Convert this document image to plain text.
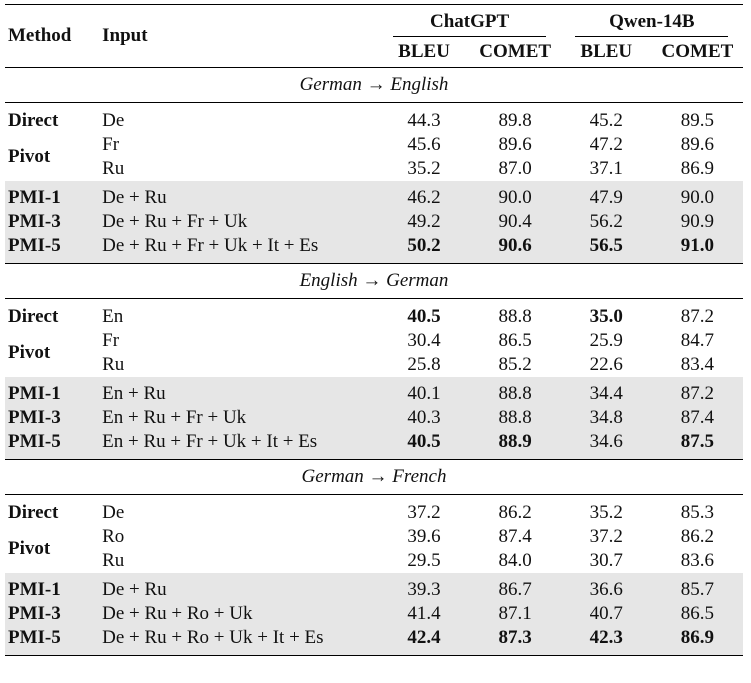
Method	Input	ChatGPT		Qwen-14B	
		BLEU	COMET	BLEU	COMET
German → English					
Direct	De	44.3	89.8	45.2	89.5
Pivot	Fr	45.6	89.6	47.2	89.6
	Ru	35.2	87.0	37.1	86.9
PMI-1	De + Ru	46.2	90.0	47.9	90.0
PMI-3	De + Ru + Fr + Uk	49.2	90.4	56.2	90.9
PMI-5	De + Ru + Fr + Uk + It + Es	50.2	90.6	56.5	91.0
English → German					
Direct	En	40.5	88.8	35.0	87.2
Pivot	Fr	30.4	86.5	25.9	84.7
	Ru	25.8	85.2	22.6	83.4
PMI-1	En + Ru	40.1	88.8	34.4	87.2
PMI-3	En + Ru + Fr + Uk	40.3	88.8	34.8	87.4
PMI-5	En + Ru + Fr + Uk + It + Es	40.5	88.9	34.6	87.5
German → French					
Direct	De	37.2	86.2	35.2	85.3
Pivot	Ro	39.6	87.4	37.2	86.2
	Ru	29.5	84.0	30.7	83.6
PMI-1	De + Ru	39.3	86.7	36.6	85.7
PMI-3	De + Ru + Ro + Uk	41.4	87.1	40.7	86.5
PMI-5	De + Ru + Ro + Uk + It + Es	42.4	87.3	42.3	86.9
